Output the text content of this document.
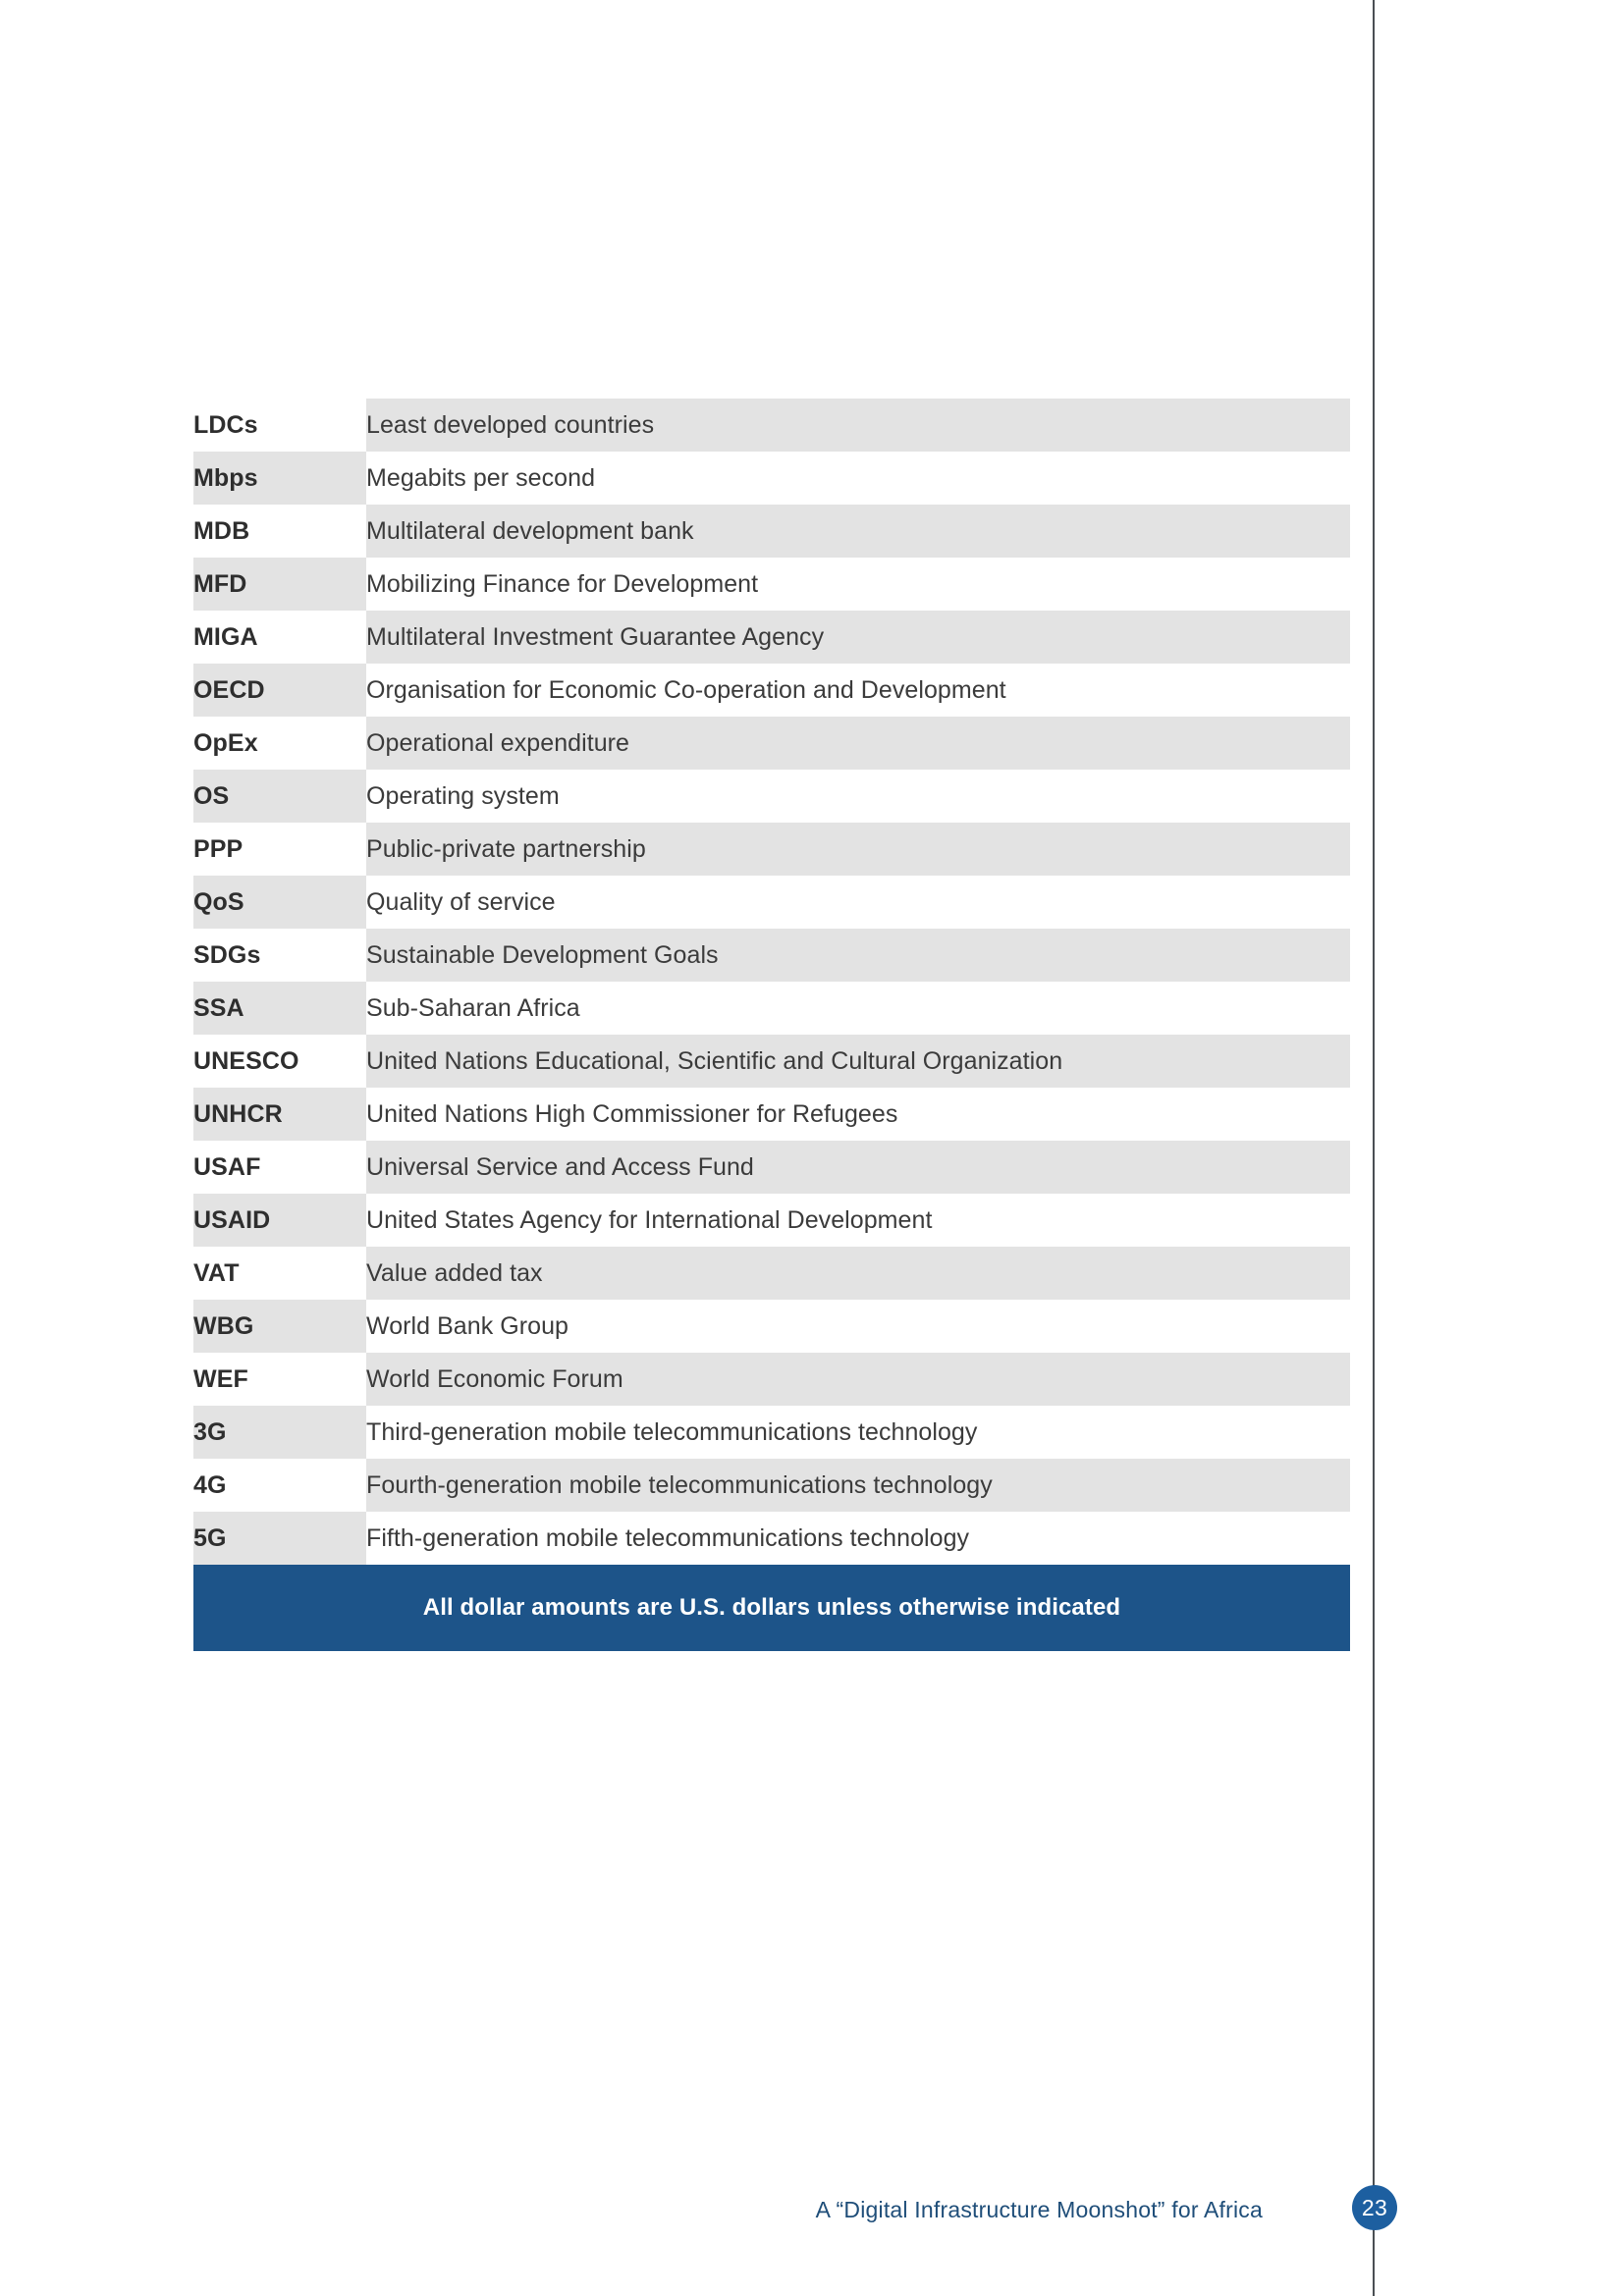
LDCs	Least developed countries
Mbps	Megabits per second
MDB	Multilateral development bank
MFD	Mobilizing Finance for Development
MIGA	Multilateral Investment Guarantee Agency
OECD	Organisation for Economic Co-operation and Development
OpEx	Operational expenditure
OS	Operating system
PPP	Public-private partnership
QoS	Quality of service
SDGs	Sustainable Development Goals
SSA	Sub-Saharan Africa
UNESCO	United Nations Educational, Scientific and Cultural Organization
UNHCR	United Nations High Commissioner for Refugees
USAF	Universal Service and Access Fund
USAID	United States Agency for International Development
VAT	Value added tax
WBG	World Bank Group
WEF	World Economic Forum
3G	Third-generation mobile telecommunications technology
4G	Fourth-generation mobile telecommunications technology
5G	Fifth-generation mobile telecommunications technology
All dollar amounts are U.S. dollars unless otherwise indicated
A “Digital Infrastructure Moonshot” for Africa	23
